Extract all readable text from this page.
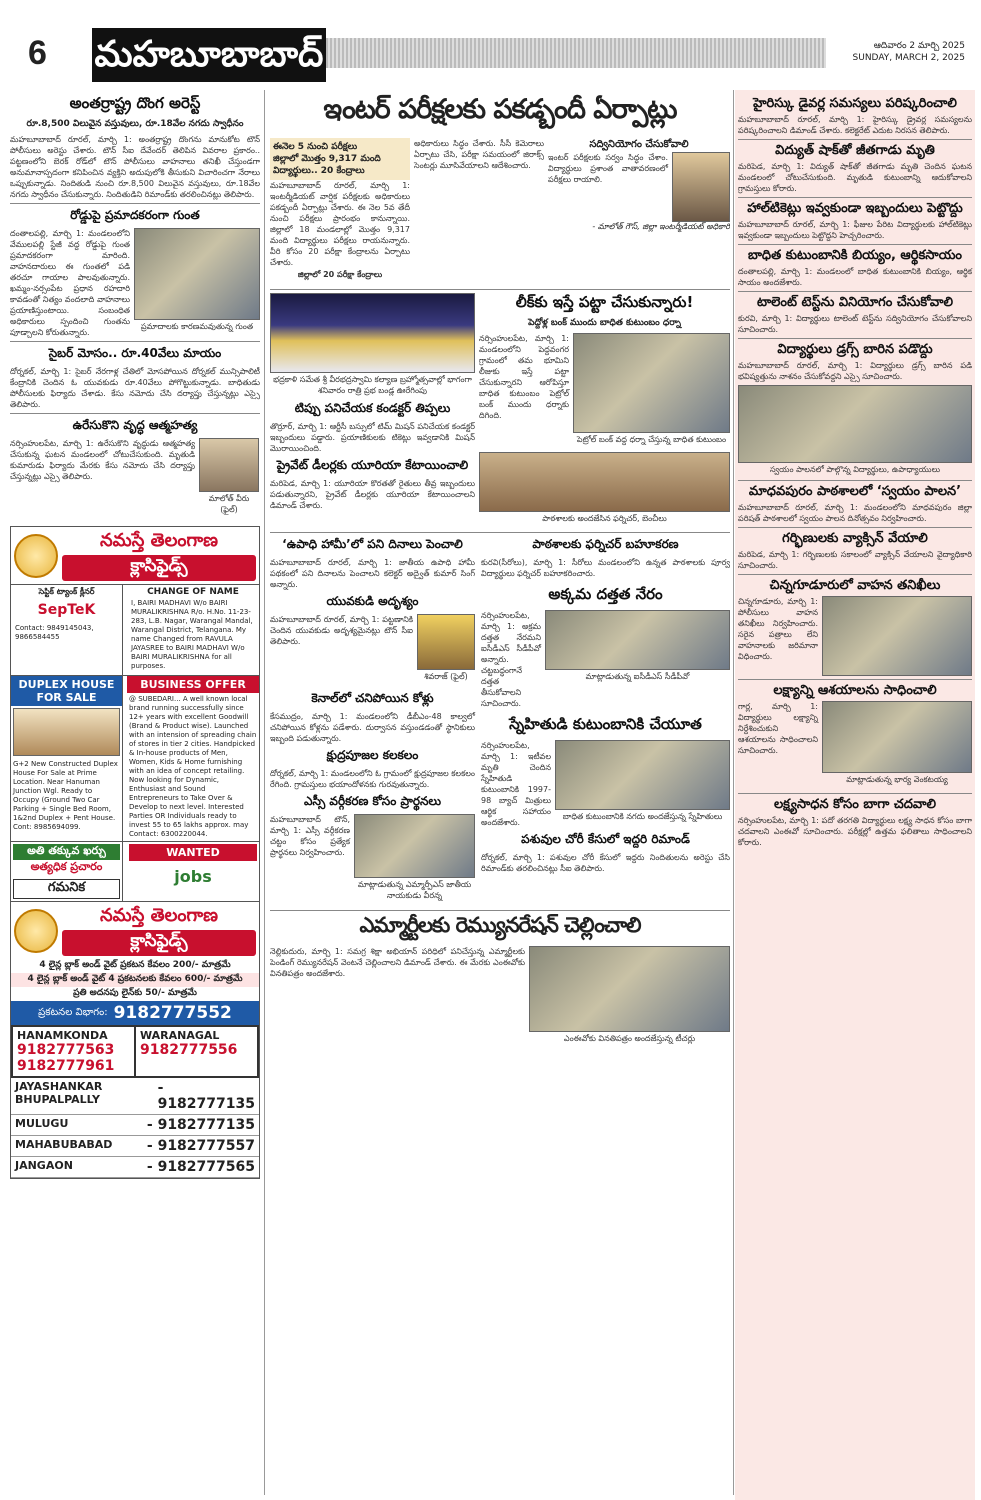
6 మహబూబాబాద్	ఆదివారం 2 మార్చి 2025
SUNDAY, MARCH 2, 2025
అంతర్రాష్ట్ర దొంగ అరెస్ట్
రూ.8,500 విలువైన వస్తువులు, రూ.18వేల నగదు స్వాధీనం

మహబూబాబాద్ రూరల్, మార్చి 1: అంతర్రాష్ట్ర దొంగను మానుకోట టౌన్ పోలీసులు అరెస్టు చేశారు. టౌన్ సీఐ దేవేందర్ తెలిపిన వివరాల ప్రకారం.. పట్టణంలోని బెరక్ రోడ్‌లో టౌన్ పోలీసులు వాహనాలు తనిఖీ చేస్తుండగా అనుమానాస్పదంగా కనిపించిన వ్యక్తిని అదుపులోకి తీసుకుని విచారించగా నేరాలు ఒప్పుకున్నాడు. నిందితుడి నుంచి రూ.8,500 విలువైన వస్తువులు, రూ.18వేల నగదు స్వాధీనం చేసుకున్నారు. నిందితుడిని రిమాండ్‌కు తరలించినట్లు తెలిపారు.

రోడ్డుపై ప్రమాదకరంగా గుంత

దంతాలపల్లి, మార్చి 1: మండలంలోని వేములపల్లి స్టేజీ వద్ద రోడ్డుపై గుంత ప్రమాదకరంగా మారింది. వాహనదారులు ఈ గుంతలో పడి తరచూ గాయాల పాలవుతున్నారు. ఖమ్మం-నర్సంపేట ప్రధాన రహదారి కావడంతో నిత్యం వందలాది వాహనాలు ప్రయాణిస్తుంటాయి. సంబంధిత అధికారులు స్పందించి గుంతను పూడ్చాలని కోరుతున్నారు.

ప్రమాదాలకు కారణమవుతున్న గుంత
సైబర్ మోసం.. రూ.40వేలు మాయం

దోర్నకల్, మార్చి 1: సైబర్ నేరగాళ్ల చేతిలో మోసపోయిన దోర్నకల్ మున్సిపాలిటీ కేంద్రానికి చెందిన ఓ యువకుడు రూ.40వేలు పోగొట్టుకున్నాడు. బాధితుడు పోలీసులకు ఫిర్యాదు చేశాడు. కేసు నమోదు చేసి దర్యాప్తు చేస్తున్నట్లు ఎస్సై తెలిపారు.

ఉరేసుకొని వృద్ధ ఆత్మహత్య

నర్సింహులపేట, మార్చి 1: ఉరేసుకొని వృద్ధుడు ఆత్మహత్య చేసుకున్న ఘటన మండలంలో చోటుచేసుకుంది. మృతుడి కుమారుడు ఫిర్యాదు మేరకు కేసు నమోదు చేసి దర్యాప్తు చేస్తున్నట్లు ఎస్సై తెలిపారు.

మాలోత్ వీరు (ఫైల్)
నమస్తే తెలంగాణ
క్లాసిఫైడ్స్
సెప్టిక్ ట్యాంక్ క్లీనర్
SepTeK
Contact: 9849145043, 9866584455
CHANGE OF NAME
I, BAIRI MADHAVI W/o BAIRI MURALIKRISHNA R/o. H.No. 11-23-283, L.B. Nagar, Warangal Mandal, Warangal District, Telangana. My name Changed from RAVULA JAYASREE to BAIRI MADHAVI W/o BAIRI MURALIKRISHNA for all purposes.
DUPLEX HOUSE FOR SALE
G+2 New Constructed Duplex House For Sale at Prime Location. Near Hanuman Junction Wgl. Ready to Occupy (Ground Two Car Parking + Single Bed Room, 1&2nd Duplex + Pent House. Cont: 8985694099.
BUSINESS OFFER
@ SUBEDARI... A well known local brand running successfully since 12+ years with excellent Goodwill (Brand & Product wise). Launched with an intension of spreading chain of stores in tier 2 cities. Handpicked & In-house products of Men, Women, Kids & Home furnishing with an idea of concept retailing. Now looking for Dynamic, Enthusiast and Sound Entrepreneurs to Take Over & Develop to next level. Interested Parties OR Individuals ready to invest 55 to 65 lakhs approx. may Contact: 6300220044.
అతి తక్కువ ఖర్చు
అత్యధిక ప్రచారం
గమనిక
WANTED
jobs
నమస్తే తెలంగాణ
క్లాసిఫైడ్స్
4 లైన్ల బ్లాక్ అండ్ వైట్ ప్రకటన కేవలం 200/- మాత్రమే
4 లైన్ల బ్లాక్ అండ్ వైట్ 4 ప్రకటనలకు కేవలం 600/- మాత్రమే
ప్రతి అదనపు లైన్‌కు 50/- మాత్రమే
ప్రకటనల విభాగం: 9182777552
HANAMKONDA
9182777563
9182777961
WARANAGAL
9182777556
JAYASHANKAR BHUPALPALLY
- 9182777135
MULUGU	- 9182777135
MAHABUBABAD - 9182777557
JANGAON	- 9182777565
ఇంటర్ పరీక్షలకు పకడ్బందీ ఏర్పాట్లు
ఈనెల 5 నుంచి పరీక్షలు
జిల్లాలో మొత్తం 9,317 మంది విద్యార్థులు.. 20 కేంద్రాలు

మహబూబాబాద్ రూరల్, మార్చి 1: ఇంటర్మీడియట్ వార్షిక పరీక్షలకు అధికారులు పకడ్బందీ ఏర్పాట్లు చేశారు. ఈ నెల 5వ తేదీ నుంచి పరీక్షలు ప్రారంభం కానున్నాయి. జిల్లాలో 18 మండలాల్లో మొత్తం 9,317 మంది విద్యార్థులు పరీక్షలు రాయనున్నారు. వీరి కోసం 20 పరీక్షా కేంద్రాలను ఏర్పాటు చేశారు.

జిల్లాలో 20 పరీక్షా కేంద్రాలు

అధికారులు సిద్ధం చేశారు. సీసీ కెమెరాలు ఏర్పాటు చేసి, పరీక్షా సమయంలో జిరాక్స్ సెంటర్లు మూసివేయాలని ఆదేశించారు.

సద్వినియోగం చేసుకోవాలి

ఇంటర్ పరీక్షలకు సర్వం సిద్ధం చేశాం. విద్యార్థులు ప్రశాంత వాతావరణంలో పరీక్షలు రాయాలి.

- మాలోత్ గౌస్, జిల్లా ఇంటర్మీడియట్ అధికారి
భద్రకాళి సమేత శ్రీ వీరభద్రస్వామి కల్యాణ బ్రహ్మోత్సవాల్లో భాగంగా శనివారం రాత్రి ప్రభ బండ్ల ఊరేగింపు
టిప్పు ప‌ని‌చేయ‌క కం‌డ‌క్ట‌ర్‌ తిప్పలు

తొర్రూర్, మార్చి 1: ఆర్టీసీ బస్సులో టిమ్ మిషన్ పనిచేయక కండక్టర్ ఇబ్బందులు పడ్డారు. ప్రయాణికులకు టికెట్లు ఇవ్వడానికి మిషన్ మొరాయించింది.

ప్రైవేట్ డీలర్లకు యూరియా కేటాయించాలి

మరిపెడ, మార్చి 1: యూరియా కొరతతో రైతులు తీవ్ర ఇబ్బందులు పడుతున్నారని, ప్రైవేట్ డీలర్లకు యూరియా కేటాయించాలని డిమాండ్ చేశారు.

లీక్‌కు ఇస్తే పట్టా చేసుకున్నారు!
పెద్దోళ్ల బంక్ ముందు బాధిత కుటుంబం ధర్నా

నర్సింహులపేట, మార్చి 1: మండలంలోని పెద్దవంగర గ్రామంలో తమ భూమిని లీజుకు ఇస్తే పట్టా చేసుకున్నారని ఆరోపిస్తూ బాధిత కుటుంబం పెట్రోల్ బంక్ ముందు ధర్నాకు దిగింది.

పెట్రోల్ బంక్ వద్ద ధర్నా చేస్తున్న బాధిత కుటుంబం
పాఠశాలకు అందజేసిన ఫర్నిచర్, బెంచీలు
‘ఉపాధి హామీ’లో పని దినాలు పెంచాలి

మహబూబాబాద్ రూరల్, మార్చి 1: జాతీయ ఉపాధి హామీ పథకంలో పని దినాలను పెంచాలని కలెక్టర్ అద్వైత్ కుమార్ సింగ్ అన్నారు.

యువకుడి అదృశ్యం

మహబూబాబాద్ రూరల్, మార్చి 1: పట్టణానికి చెందిన యువకుడు అదృశ్యమైనట్లు టౌన్ సీఐ తెలిపారు.

శివరాజ్ (ఫైల్)
కెనాల్‌లో చనిపోయిన కోళ్లు

కేసముద్రం, మార్చి 1: మండలంలోని డీబీఎం-48 కాల్వలో చనిపోయిన కోళ్లను పడేశారు. దుర్వాసన వస్తుండడంతో స్థానికులు ఇబ్బంది పడుతున్నారు.

క్షుద్రపూజల కలకలం

దోర్నకల్, మార్చి 1: మండలంలోని ఓ గ్రామంలో క్షుద్రపూజల కలకలం రేగింది. గ్రామస్తులు భయాందోళనకు గురవుతున్నారు.

ఎస్సీ వర్గీకరణ కోసం ప్రార్థనలు

మహబూబాబాద్ టౌన్, మార్చి 1: ఎస్సీ వర్గీకరణ చట్టం కోసం ప్రత్యేక ప్రార్థనలు నిర్వహించారు.

మాట్లాడుతున్న ఎమ్మార్పీఎస్ జాతీయ నాయకుడు వీరన్న
పాఠశాలకు ఫర్నిచర్ బహూకరణ

కురవి(సీరోలు), మార్చి 1: సీరోలు మండలంలోని ఉన్నత పాఠశాలకు పూర్వ విద్యార్థులు ఫర్నిచర్ బహూకరించారు.

అక్కమ దత్తత నేరం

నర్సింహులపేట, మార్చి 1: అక్రమ దత్తత నేరమని ఐసీడీఎస్ సీడీపీవో అన్నారు. చట్టబద్ధంగానే దత్తత తీసుకోవాలని సూచించారు.

మాట్లాడుతున్న ఐసీడీఎస్ సీడీపీవో
స్నేహితుడి కుటుంబానికి చేయూత

నర్సింహులపేట, మార్చి 1: ఇటీవల మృతి చెందిన స్నేహితుడి కుటుంబానికి 1997-98 బ్యాచ్ మిత్రులు ఆర్థిక సహాయం అందజేశారు.

బాధిత కుటుంబానికి నగదు అందజేస్తున్న స్నేహితులు
పశువుల చోరీ కేసులో ఇద్దరి రిమాండ్

దోర్నకల్, మార్చి 1: పశువుల చోరీ కేసులో ఇద్దరు నిందితులను అరెస్టు చేసి రిమాండ్‌కు తరలించినట్లు సీఐ తెలిపారు.

ఎమ్మార్టీలకు రెమ్యునరేషన్ చెల్లించాలి

నెల్లికుదురు, మార్చి 1: సమగ్ర శిక్షా అభియాన్ పరిధిలో పనిచేస్తున్న ఎమ్మార్టీలకు పెండింగ్ రెమ్యునరేషన్ వెంటనే చెల్లించాలని డిమాండ్ చేశారు. ఈ మేరకు ఎంఈవోకు వినతిపత్రం అందజేశారు.

ఎంఈవోకు వినతిపత్రం అందజేస్తున్న టీచర్లు
హైరిస్కు డైవర్ల సమస్యలు పరిష్కరించాలి

మహబూబాబాద్ రూరల్, మార్చి 1: హైరిస్కు డ్రైవర్ల సమస్యలను పరిష్కరించాలని డిమాండ్ చేశారు. కలెక్టరేట్ ఎదుట నిరసన తెలిపారు.

విద్యుత్ షాక్‌తో జీతగాడు మృతి

మరిపెడ, మార్చి 1: విద్యుత్ షాక్‌తో జీతగాడు మృతి చెందిన ఘటన మండలంలో చోటుచేసుకుంది. మృతుడి కుటుంబాన్ని ఆదుకోవాలని గ్రామస్తులు కోరారు.

హాల్‌టికెట్లు ఇవ్వకుండా ఇబ్బందులు పెట్టొద్దు

మహబూబాబాద్ రూరల్, మార్చి 1: ఫీజుల పేరిట విద్యార్థులకు హాల్‌టికెట్లు ఇవ్వకుండా ఇబ్బందులు పెట్టొద్దని హెచ్చరించారు.

బాధిత కుటుంబానికి బియ్యం, ఆర్థికసాయం

దంతాలపల్లి, మార్చి 1: మండలంలో బాధిత కుటుంబానికి బియ్యం, ఆర్థిక సాయం అందజేశారు.

టాలెంట్ టెస్ట్‌ను వినియోగం చేసుకోవాలి

కురవి, మార్చి 1: విద్యార్థులు టాలెంట్ టెస్ట్‌ను సద్వినియోగం చేసుకోవాలని సూచించారు.

విద్యార్థులు డ్రగ్స్ బారిన పడొద్దు

మహబూబాబాద్ రూరల్, మార్చి 1: విద్యార్థులు డ్రగ్స్ బారిన పడి భవిష్యత్తును నాశనం చేసుకోవద్దని ఎస్సై సూచించారు.

స్వయం పాలనలో పాల్గొన్న విద్యార్థులు, ఉపాధ్యాయులు
మాధవపురం పాఠశాలలో ‘స్వయం పాలన’

మహబూబాబాద్ రూరల్, మార్చి 1: మండలంలోని మాధవపురం జిల్లా పరిషత్ పాఠశాలలో స్వయం పాలన దినోత్సవం నిర్వహించారు.

గర్భిణులకు వ్యాక్సిన్ వేయాలి

మరిపెడ, మార్చి 1: గర్భిణులకు సకాలంలో వ్యాక్సిన్ వేయాలని వైద్యాధికారి సూచించారు.

చిన్నగూడూరులో వాహన తనిఖీలు

చిన్నగూడూరు, మార్చి 1: పోలీసులు వాహన తనిఖీలు నిర్వహించారు. సరైన పత్రాలు లేని వాహనాలకు జరిమానా విధించారు.

లక్ష్యాన్ని ఆశయాలను సాధించాలి

గార్ల, మార్చి 1: విద్యార్థులు లక్ష్యాన్ని నిర్దేశించుకుని ఆశయాలను సాధించాలని సూచించారు.

మాట్లాడుతున్న భార్య వెంకటయ్య
లక్ష్యసాధన కోసం బాగా చదవాలి

నర్సింహులపేట, మార్చి 1: పదో తరగతి విద్యార్థులు లక్ష్య సాధన కోసం బాగా చదవాలని ఎంఈవో సూచించారు. పరీక్షల్లో ఉత్తమ ఫలితాలు సాధించాలని కోరారు.
